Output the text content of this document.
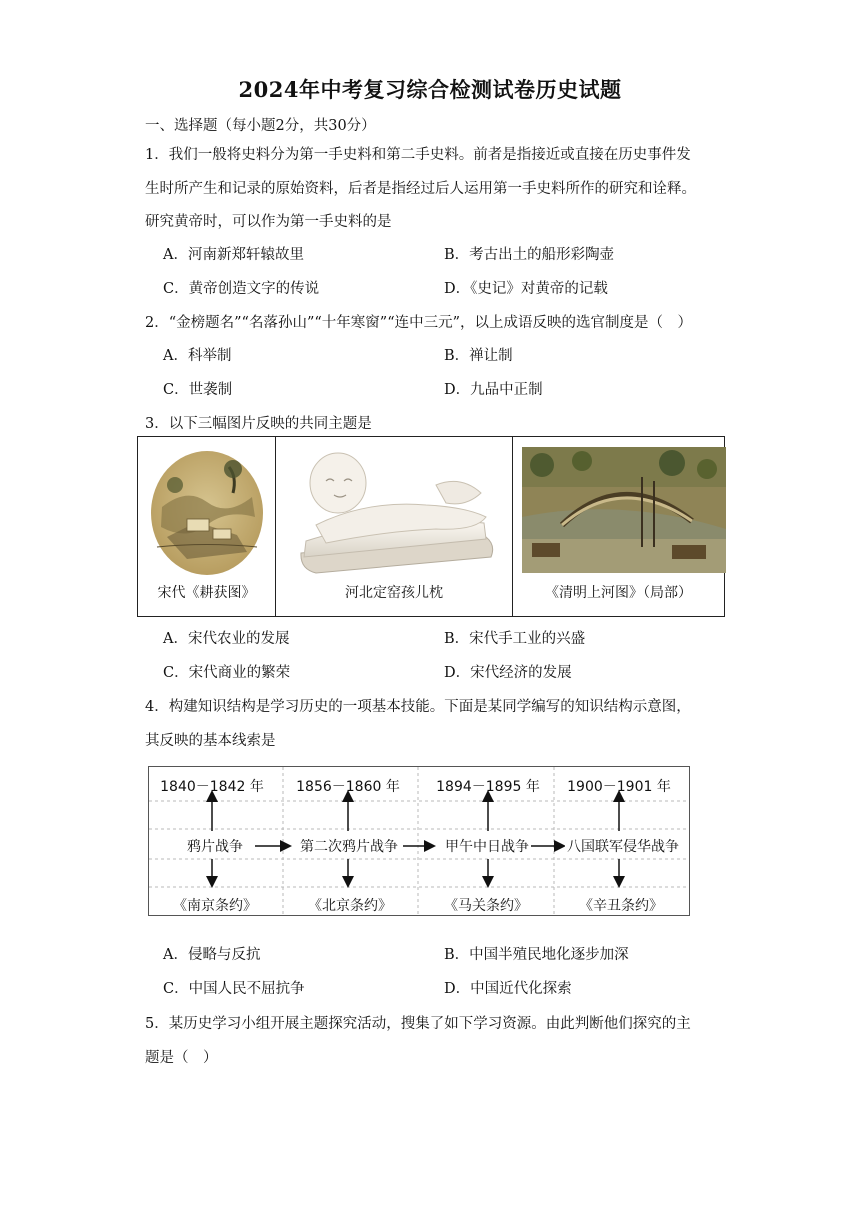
2024年中考复习综合检测试卷历史试题
一、选择题（每小题2分，共30分）
1．我们一般将史料分为第一手史料和第二手史料。前者是指接近或直接在历史事件发
生时所产生和记录的原始资料，后者是指经过后人运用第一手史料所作的研究和诠释。
研究黄帝时，可以作为第一手史料的是
A．河南新郑轩辕故里	B．考古出土的船形彩陶壶
C．黄帝创造文字的传说	D．《史记》对黄帝的记载
2．“金榜题名”“名落孙山”“十年寒窗”“连中三元”，以上成语反映的选官制度是（　）
A．科举制	B．禅让制
C．世袭制	D．九品中正制
3．以下三幅图片反映的共同主题是
宋代《耕获图》	河北定窑孩儿枕	《清明上河图》（局部）
A．宋代农业的发展	B．宋代手工业的兴盛
C．宋代商业的繁荣	D．宋代经济的发展
4．构建知识结构是学习历史的一项基本技能。下面是某同学编写的知识结构示意图，
其反映的基本线索是
1840－1842 年 1856－1860 年	1894－1895 年 1900－1901 年
鸦片战争	第二次鸦片战争	甲午中日战争	八国联军侵华战争
《南京条约》	《北京条约》	《马关条约》	《辛丑条约》
A．侵略与反抗	B．中国半殖民地化逐步加深
C．中国人民不屈抗争	D．中国近代化探索
5．某历史学习小组开展主题探究活动，搜集了如下学习资源。由此判断他们探究的主
题是（　）
